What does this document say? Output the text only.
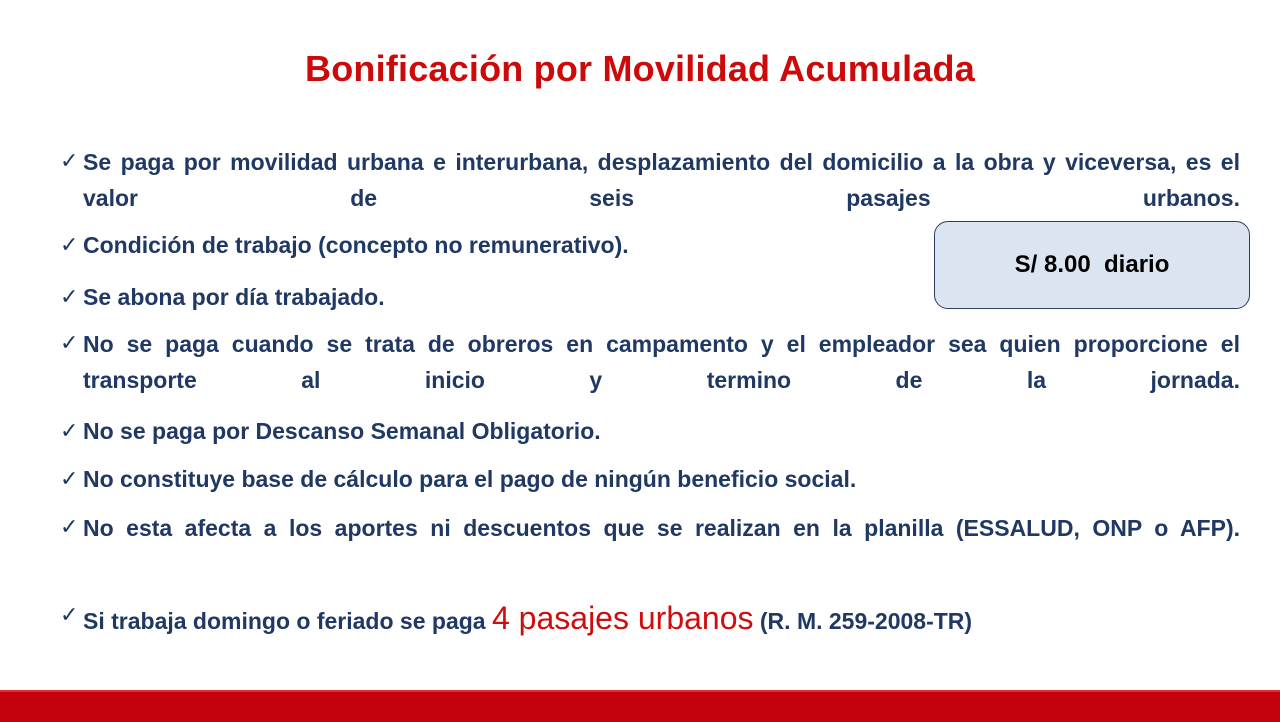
Bonificación por Movilidad Acumulada
✓ Se paga por movilidad urbana e interurbana, desplazamiento del domicilio a la obra y viceversa, es el valor de seis pasajes urbanos.
✓ Condición de trabajo (concepto no remunerativo).
✓ Se abona por día trabajado.
✓ No se paga cuando se trata de obreros en campamento y el empleador sea quien proporcione el transporte al inicio y termino de la jornada.
✓ No se paga por Descanso Semanal Obligatorio.
✓ No constituye base de cálculo para el pago de ningún beneficio social.
✓ No esta afecta a los aportes ni descuentos que se realizan en la planilla (ESSALUD, ONP o AFP).
✓ Si trabaja domingo o feriado se paga 4 pasajes urbanos (R. M. 259-2008-TR)
S/ 8.00  diario
